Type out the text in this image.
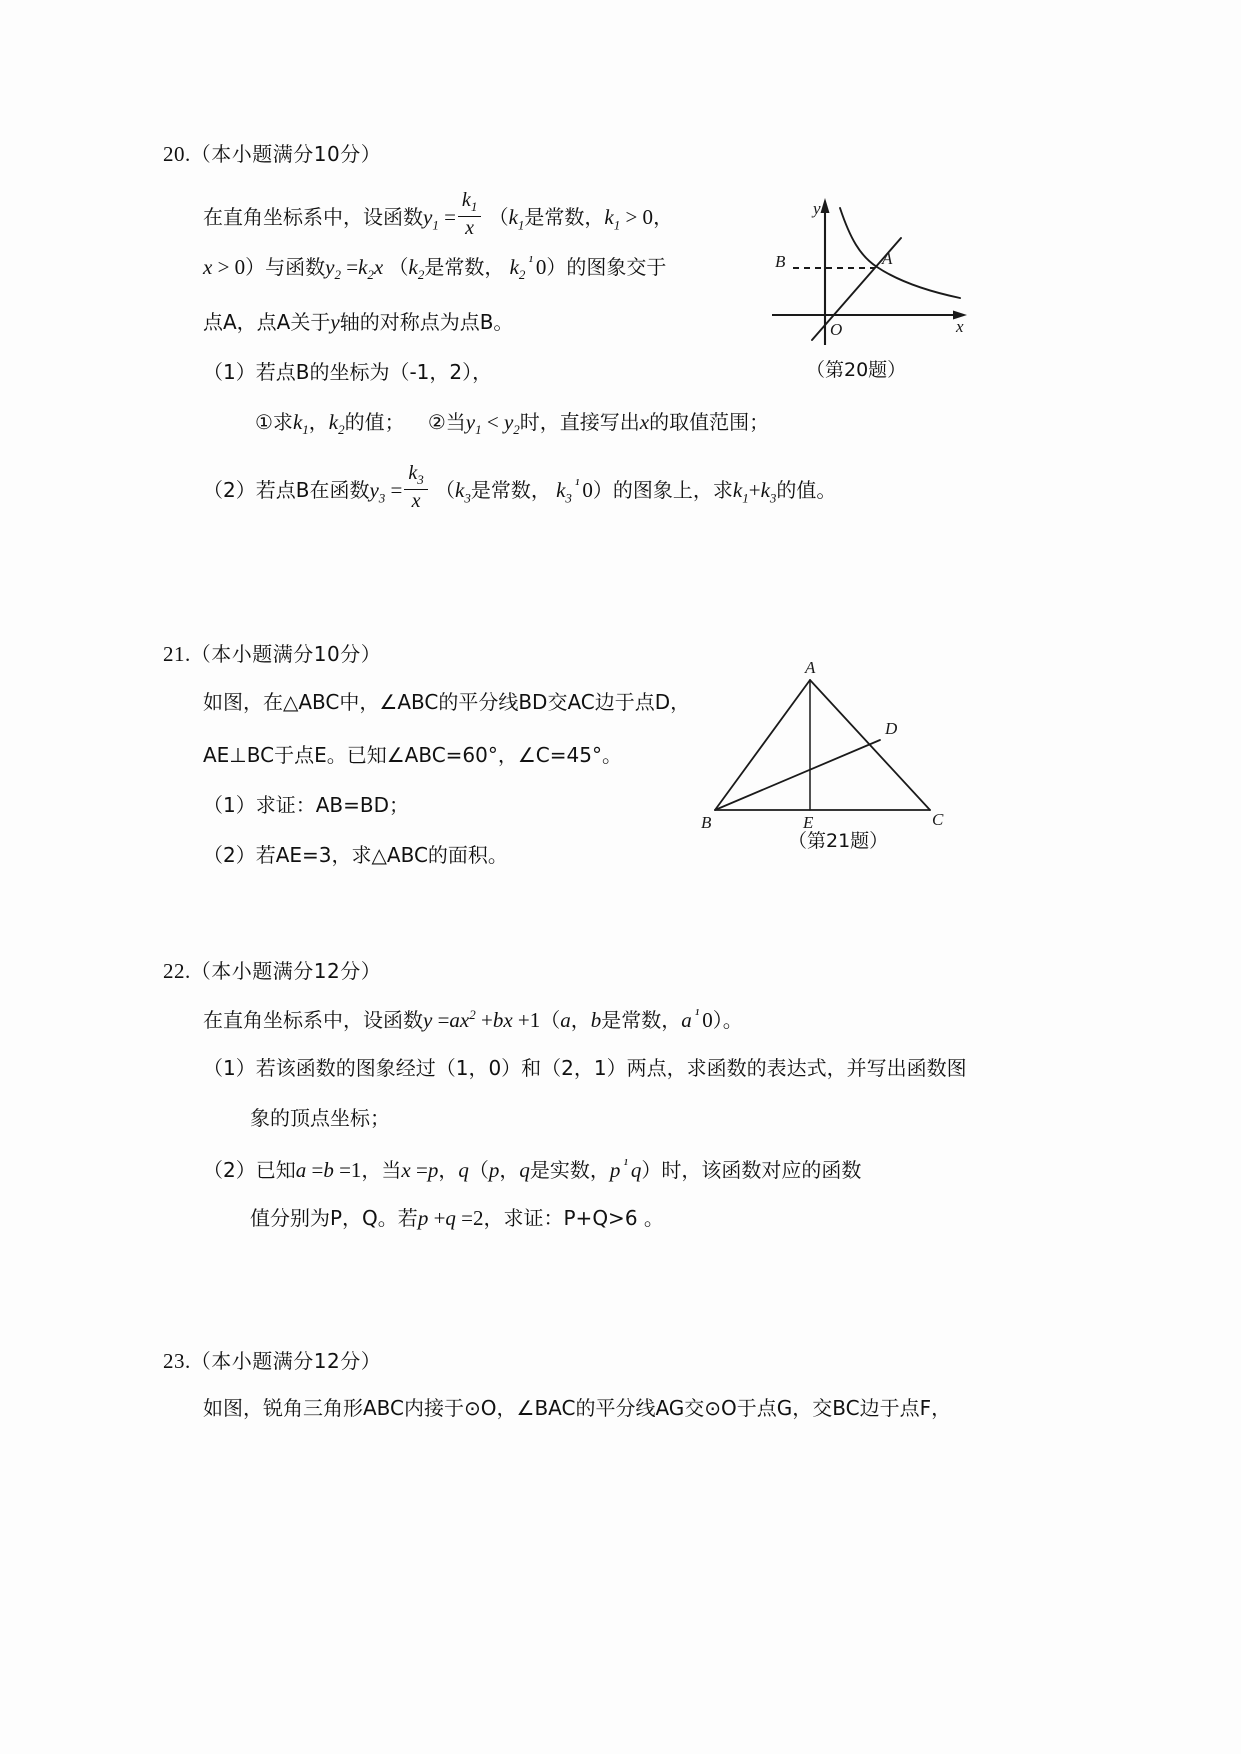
20.（本小题满分10分）
在直角坐标系中，设函数$y_1 = \frac{k_1}{x} (k_1$是常数，$k_1 > 0$，
x > 0）与函数$y_2 =k_2x$ （$k_2$是常数， $k_2^{^1}$ 0）的图象交于
点A，点A关于y轴的对称点为点B。
（1）若点B的坐标为（-1，2），
①求$k_1$，$k_2$的值； ②当$y_1 < y_2$时，直接写出x的取值范围；
（2）若点B在函数$y_3 = \frac{k_3}{x} (k_3$是常数， $k_3^{^1}$ 0）的图象上，求$k_1+k_3$的值。
y
x
O
A
B
（第20题）
21.（本小题满分10分）
如图，在△ABC中，∠ABC的平分线BD交AC边于点D，
AE⊥BC于点E。已知∠ABC=60°，∠C=45°。
（1）求证：AB=BD；
（2）若AE=3，求△ABC的面积。
A
B	C
D
E
（第21题）
22.（本小题满分12分）
在直角坐标系中，设函数$y =ax^2 +bx +1(a$，b是常数，a $^{^1}$ 0）。
（1）若该函数的图象经过（1，0）和（2，1）两点，求函数的表达式，并写出函数图
象的顶点坐标；
（2）已知a =b =1，当x =p，q（p，q是实数，p $^{^1}$ q）时，该函数对应的函数
值分别为P，Q。若p +q =2，求证：P+Q>6 。
23.（本小题满分12分）
如图，锐角三角形ABC内接于⊙O，∠BAC的平分线AG交⊙O于点G，交BC边于点F，
